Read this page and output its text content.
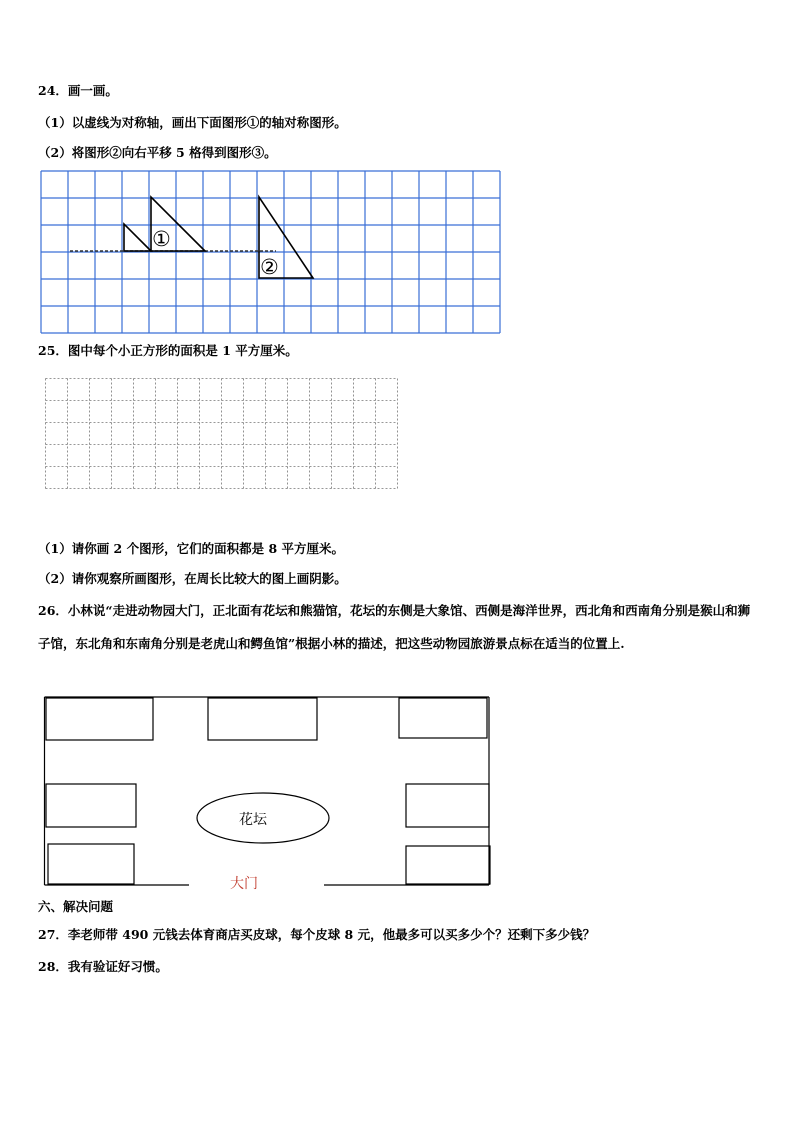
24．画一画。
（1）以虚线为对称轴，画出下面图形①的轴对称图形。
（2）将图形②向右平移 5 格得到图形③。
①
②
25．图中每个小正方形的面积是 1 平方厘米。
（1）请你画 2 个图形，它们的面积都是 8 平方厘米。
（2）请你观察所画图形，在周长比较大的图上画阴影。
26．小林说“走进动物园大门，正北面有花坛和熊猫馆，花坛的东侧是大象馆、西侧是海洋世界，西北角和西南角分别是猴山和狮子馆，东北角和东南角分别是老虎山和鳄鱼馆”根据小林的描述，把这些动物园旅游景点标在适当的位置上.
花坛
大门
六、解决问题
27．李老师带 490 元钱去体育商店买皮球，每个皮球 8 元，他最多可以买多少个？还剩下多少钱？
28．我有验证好习惯。
